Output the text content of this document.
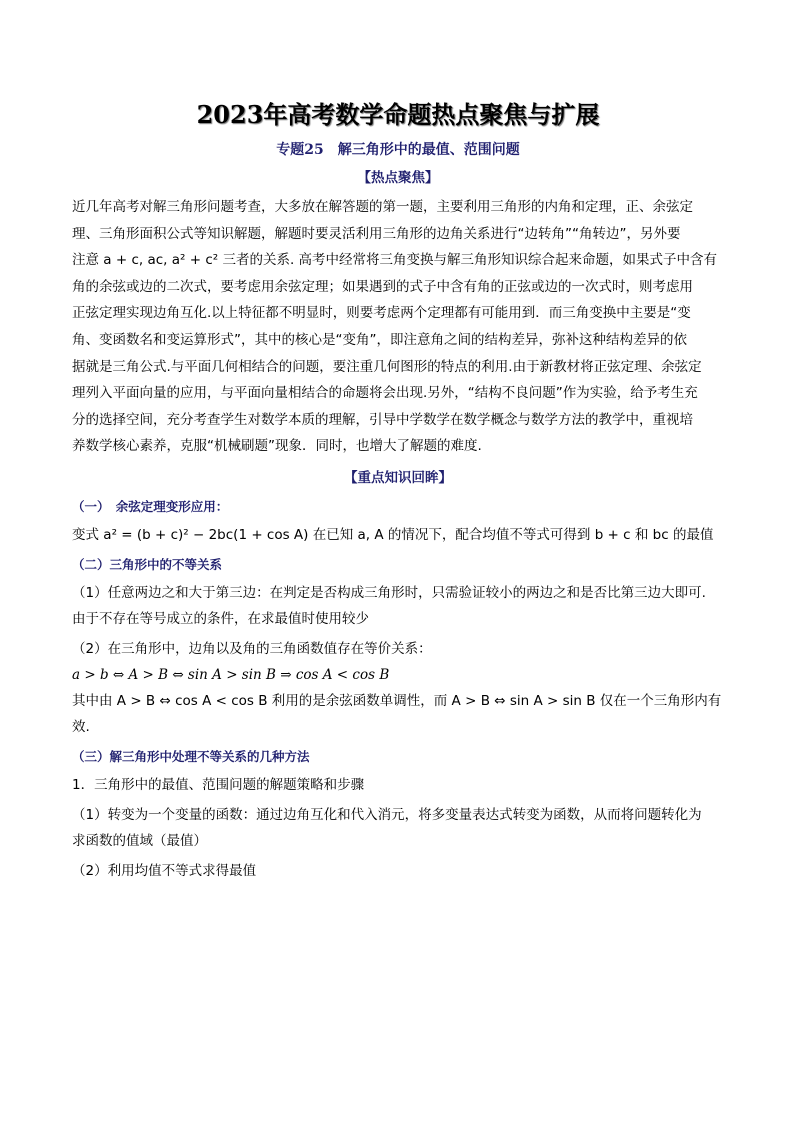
2023年高考数学命题热点聚焦与扩展
专题25　解三角形中的最值、范围问题
【热点聚焦】
近几年高考对解三角形问题考查，大多放在解答题的第一题，主要利用三角形的内角和定理，正、余弦定
理、三角形面积公式等知识解题，解题时要灵活利用三角形的边角关系进行“边转角”“角转边”，另外要
注意 a + c, ac, a² + c² 三者的关系. 高考中经常将三角变换与解三角形知识综合起来命题，如果式子中含有
角的余弦或边的二次式，要考虑用余弦定理；如果遇到的式子中含有角的正弦或边的一次式时，则考虑用
正弦定理实现边角互化.以上特征都不明显时，则要考虑两个定理都有可能用到．而三角变换中主要是“变
角、变函数名和变运算形式”，其中的核心是“变角”，即注意角之间的结构差异，弥补这种结构差异的依
据就是三角公式.与平面几何相结合的问题，要注重几何图形的特点的利用.由于新教材将正弦定理、余弦定
理列入平面向量的应用，与平面向量相结合的命题将会出现.另外，“结构不良问题”作为实验，给予考生充
分的选择空间，充分考查学生对数学本质的理解，引导中学数学在数学概念与数学方法的教学中，重视培
养数学核心素养，克服“机械刷题”现象．同时，也增大了解题的难度.
【重点知识回眸】
（一）　余弦定理变形应用：
变式 a² = (b + c)² − 2bc(1 + cos A) 在已知 a, A 的情况下，配合均值不等式可得到 b + c 和 bc 的最值
（二）三角形中的不等关系
（1）任意两边之和大于第三边：在判定是否构成三角形时，只需验证较小的两边之和是否比第三边大即可.
由于不存在等号成立的条件，在求最值时使用较少
（2）在三角形中，边角以及角的三角函数值存在等价关系：
a > b ⇔ A > B ⇔ sin A > sin B ⇒ cos A < cos B
其中由 A > B ⇔ cos A < cos B 利用的是余弦函数单调性，而 A > B ⇔ sin A > sin B 仅在一个三角形内有
效.
（三）解三角形中处理不等关系的几种方法
1．三角形中的最值、范围问题的解题策略和步骤
（1）转变为一个变量的函数：通过边角互化和代入消元，将多变量表达式转变为函数，从而将问题转化为
求函数的值域（最值）
（2）利用均值不等式求得最值
